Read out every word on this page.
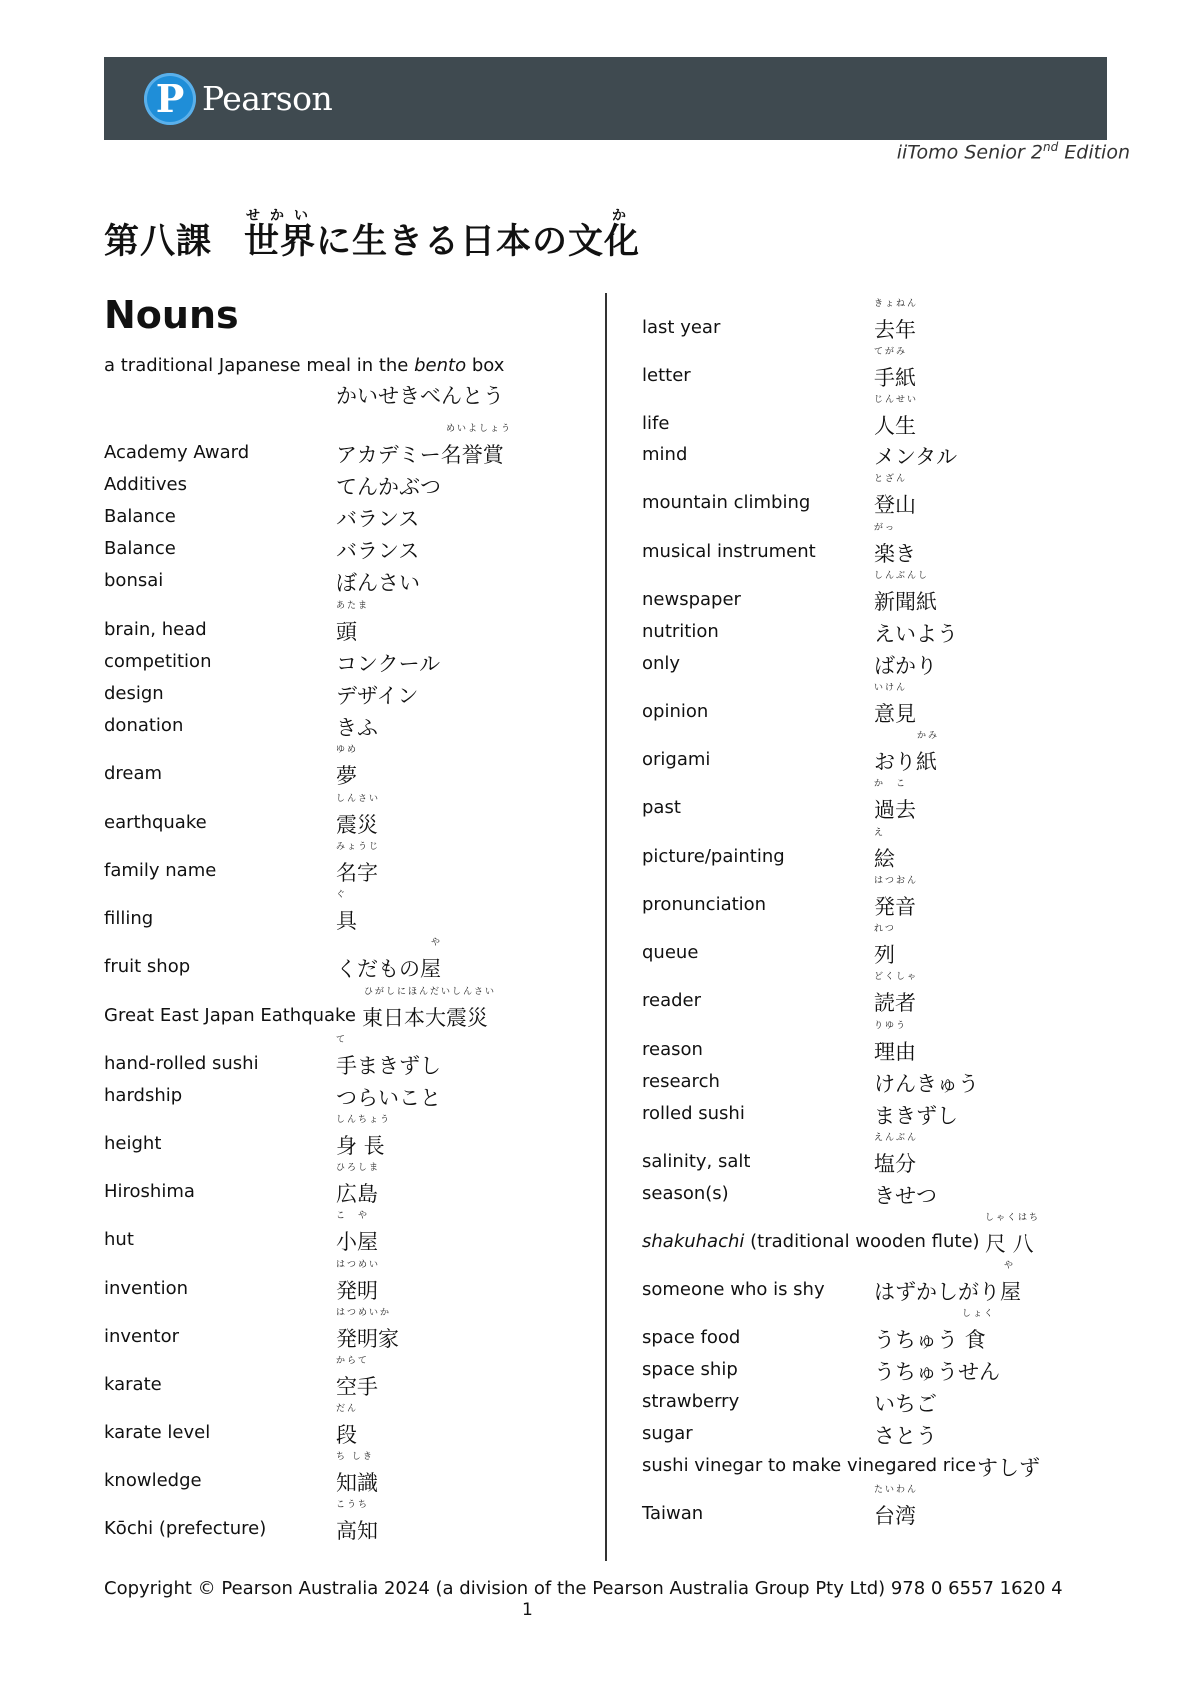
P Pearson
iiTomo Senior 2nd Edition
第八課 世界せかいに生きる日本の文化か
Nouns
a traditional Japanese meal in the bento box
かいせきべんとう
Academy Award	アカデミー名誉賞
めいよしょう
Additives	てんかぶつ
Balance	バランス
Balance	バランス
bonsai	ぼんさい
brain, head	頭
あたま
competition	コンクール
design	デザイン
donation	きふ
dream	夢
ゆめ
earthquake	震災
しんさい
family name	名字
みょうじ
filling	具
ぐ
fruit shop	くだもの屋
や
Great East Japan Eathquake 東日本大震災
ひがしにほんだいしんさい
hand-rolled sushi	手まきずし
て
hardship	つらいこと
height	身 長
しんちょう
Hiroshima	広島
ひろしま
hut	小屋
こ　や
invention	発明
はつめい
inventor	発明家
はつめいか
karate	空手
からて
karate level	段
だん
knowledge	知識
ち しき
Kōchi (prefecture)	高知
こうち
last year	去年
きょねん
letter	手紙
てがみ
life	人生
じんせい
mind	メンタル
mountain climbing	登山
とざん
musical instrument	楽き
がっ
newspaper	新聞紙
しんぶんし
nutrition	えいよう
only	ばかり
opinion	意見
いけん
origami	おり紙
かみ
past	過去
か　こ
picture/painting	絵
え
pronunciation	発音
はつおん
queue	列
れつ
reader	読者
どくしゃ
reason	理由
りゆう
research	けんきゅう
rolled sushi	まきずし
salinity, salt	塩分
えんぶん
season(s)	きせつ
shakuhachi (traditional wooden flute) 尺 八
しゃくはち
someone who is shy はずかしがり屋
や
space food	うちゅう 食
しょく
space ship	うちゅうせん
strawberry	いちご
sugar	さとう
sushi vinegar to make vinegared rice すしず
Taiwan	台湾
たいわん
Copyright © Pearson Australia 2024 (a division of the Pearson Australia Group Pty Ltd) 978 0 6557 1620 4
1
